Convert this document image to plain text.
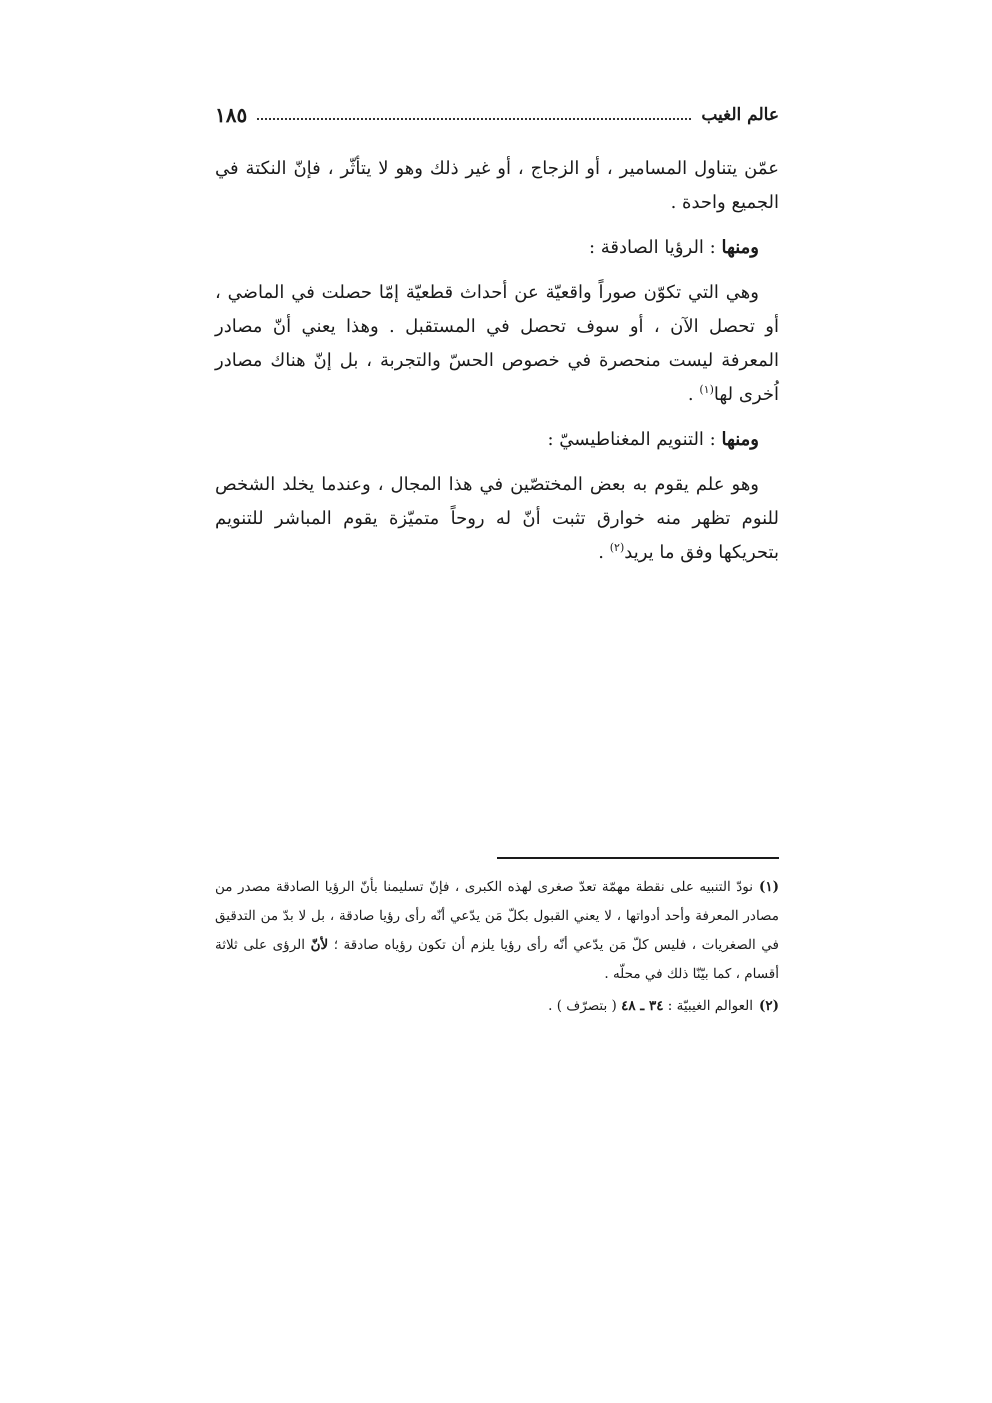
عالم الغيب
١٨٥

عمّن يتناول المسامير ، أو الزجاج ، أو غير ذلك وهو لا يتأثّر ، فإنّ النكتة في الجميع واحدة .

ومنها : الرؤيا الصادقة :

وهي التي تكوّن صوراً واقعيّة عن أحداث قطعيّة إمّا حصلت في الماضي ، أو تحصل الآن ، أو سوف تحصل في المستقبل . وهذا يعني أنّ مصادر المعرفة ليست منحصرة في خصوص الحسّ والتجربة ، بل إنّ هناك مصادر اُخرى لها$^{(١)}$ .

ومنها : التنويم المغناطيسيّ :

وهو علم يقوم به بعض المختصّين في هذا المجال ، وعندما يخلد الشخص للنوم تظهر منه خوارق تثبت أنّ له روحاً متميّزة يقوم المباشر للتنويم بتحريكها وفق ما يريد$^{(٢)}$ .

(١)نودّ التنبيه على نقطة مهمّة تعدّ صغرى لهذه الكبرى ، فإنّ تسليمنا بأنّ الرؤيا الصادقة مصدر من مصادر المعرفة وأحد أدواتها ، لا يعني القبول بكلّ مَن يدّعي أنّه رأى رؤيا صادقة ، بل لا بدّ من التدقيق في الصغريات ، فليس كلّ مَن يدّعي أنّه رأى رؤيا يلزم أن تكون رؤياه صادقة ؛ لأنّ الرؤى على ثلاثة أقسام ، كما بيّنّا ذلك في محلّه .

(٢)العوالم الغيبيّة : ٣٤ ـ ٤٨ ( بتصرّف ) .
